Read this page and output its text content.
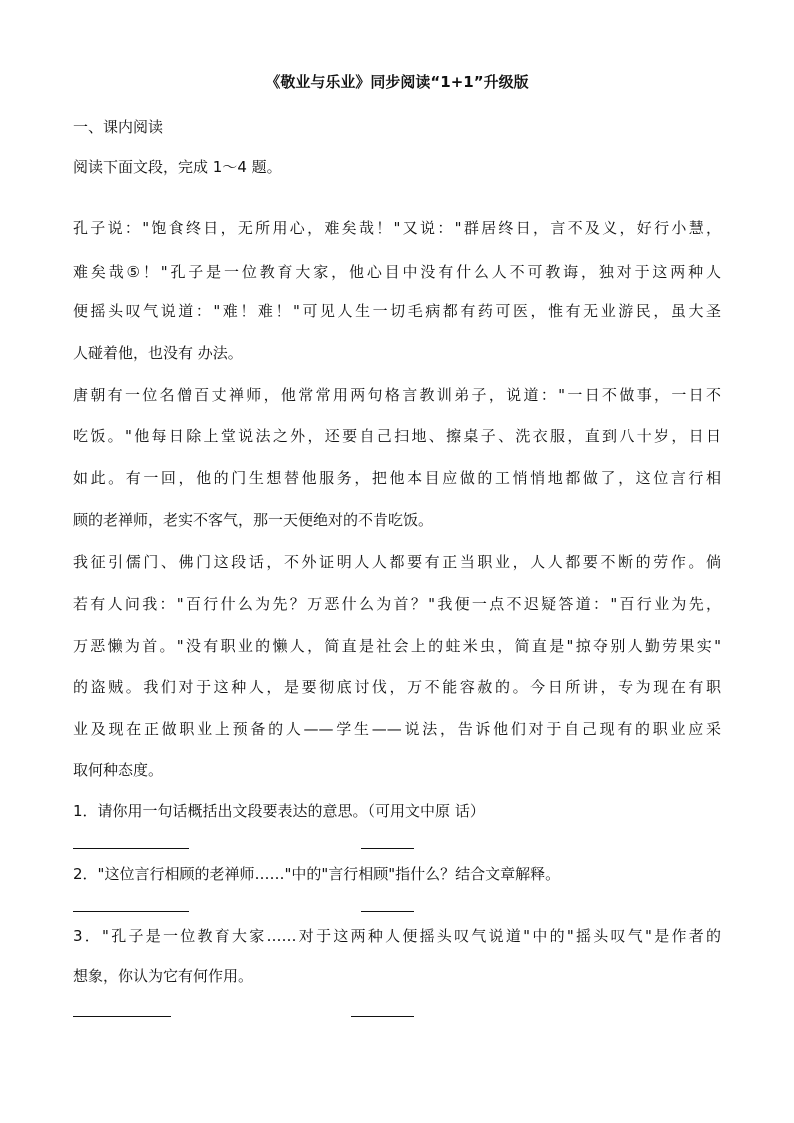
《敬业与乐业》同步阅读“1+1”升级版
一、课内阅读
阅读下面文段，完成 1～4 题。
孔子说："饱食终日，无所用心，难矣哉！"又说："群居终日，言不及义，好行小慧，
难矣哉⑤！"孔子是一位教育大家，他心目中没有什么人不可教诲，独对于这两种人
便摇头叹气说道："难！难！"可见人生一切毛病都有药可医，惟有无业游民，虽大圣
人碰着他，也没有 办法。
唐朝有一位名僧百丈禅师，他常常用两句格言教训弟子，说道："一日不做事，一日不
吃饭。"他每日除上堂说法之外，还要自己扫地、擦桌子、洗衣服，直到八十岁，日日
如此。有一回，他的门生想替他服务，把他本目应做的工悄悄地都做了，这位言行相
顾的老禅师，老实不客气，那一天便绝对的不肯吃饭。
我征引儒门、佛门这段话，不外证明人人都要有正当职业，人人都要不断的劳作。倘
若有人问我："百行什么为先？万恶什么为首？"我便一点不迟疑答道："百行业为先，
万恶懒为首。"没有职业的懒人，简直是社会上的蛀米虫，简直是"掠夺别人勤劳果实"
的盗贼。我们对于这种人，是要彻底讨伐，万不能容赦的。今日所讲，专为现在有职
业及现在正做职业上预备的人——学生——说法，告诉他们对于自己现有的职业应采
取何种态度。
1．请你用一句话概括出文段要表达的意思。（可用文中原 话）
2．"这位言行相顾的老禅师……"中的"言行相顾"指什么？结合文章解释。
3．"孔子是一位教育大家……对于这两种人便摇头叹气说道"中的"摇头叹气"是作者的
想象，你认为它有何作用。
